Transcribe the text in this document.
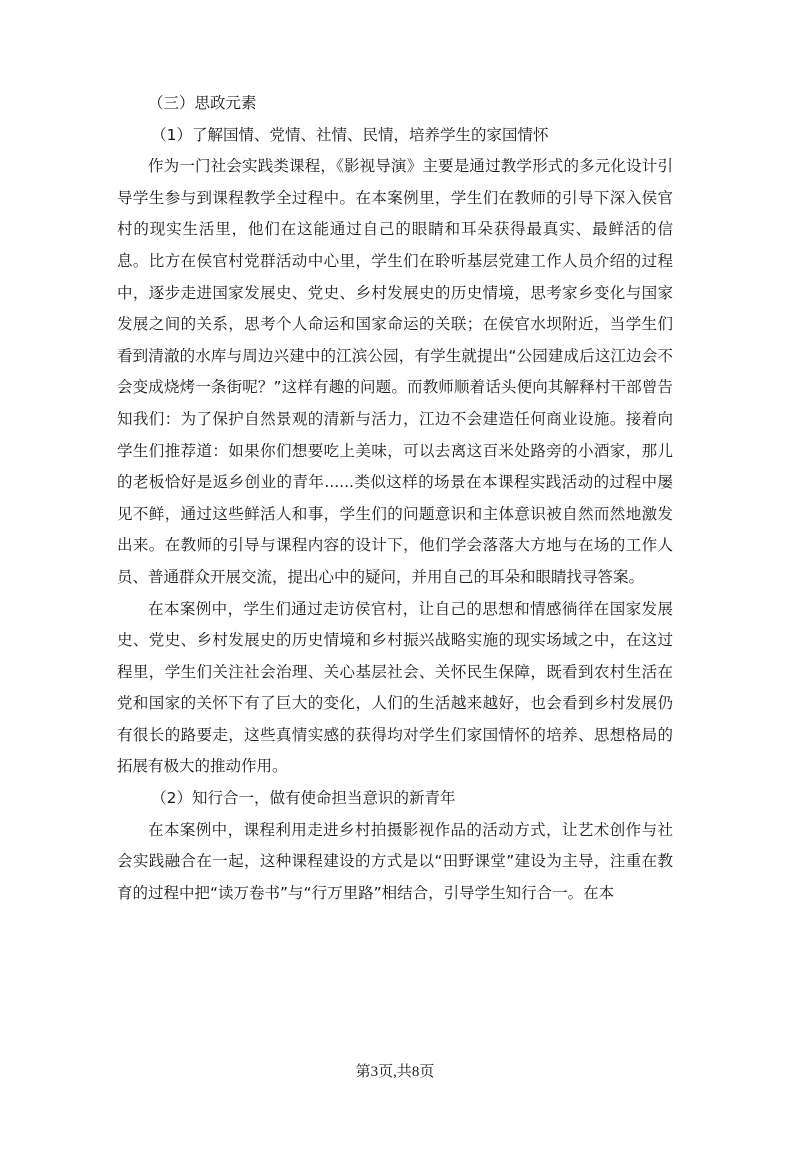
（三）思政元素

（1）了解国情、党情、社情、民情，培养学生的家国情怀

作为一门社会实践类课程，《影视导演》主要是通过教学形式的多元化设计引导学生参与到课程教学全过程中。在本案例里，学生们在教师的引导下深入侯官村的现实生活里，他们在这能通过自己的眼睛和耳朵获得最真实、最鲜活的信息。比方在侯官村党群活动中心里，学生们在聆听基层党建工作人员介绍的过程中，逐步走进国家发展史、党史、乡村发展史的历史情境，思考家乡变化与国家发展之间的关系，思考个人命运和国家命运的关联；在侯官水坝附近，当学生们看到清澈的水库与周边兴建中的江滨公园，有学生就提出“公园建成后这江边会不会变成烧烤一条街呢？”这样有趣的问题。而教师顺着话头便向其解释村干部曾告知我们：为了保护自然景观的清新与活力，江边不会建造任何商业设施。接着向学生们推荐道：如果你们想要吃上美味，可以去离这百米处路旁的小酒家，那儿的老板恰好是返乡创业的青年......类似这样的场景在本课程实践活动的过程中屡见不鲜，通过这些鲜活人和事，学生们的问题意识和主体意识被自然而然地激发出来。在教师的引导与课程内容的设计下，他们学会落落大方地与在场的工作人员、普通群众开展交流，提出心中的疑问，并用自己的耳朵和眼睛找寻答案。

在本案例中，学生们通过走访侯官村，让自己的思想和情感徜徉在国家发展史、党史、乡村发展史的历史情境和乡村振兴战略实施的现实场域之中，在这过程里，学生们关注社会治理、关心基层社会、关怀民生保障，既看到农村生活在党和国家的关怀下有了巨大的变化，人们的生活越来越好，也会看到乡村发展仍有很长的路要走，这些真情实感的获得均对学生们家国情怀的培养、思想格局的拓展有极大的推动作用。

（2）知行合一，做有使命担当意识的新青年

在本案例中，课程利用走进乡村拍摄影视作品的活动方式，让艺术创作与社会实践融合在一起，这种课程建设的方式是以“田野课堂”建设为主导，注重在教育的过程中把“读万卷书”与“行万里路”相结合，引导学生知行合一。在本

第3页,共8页
